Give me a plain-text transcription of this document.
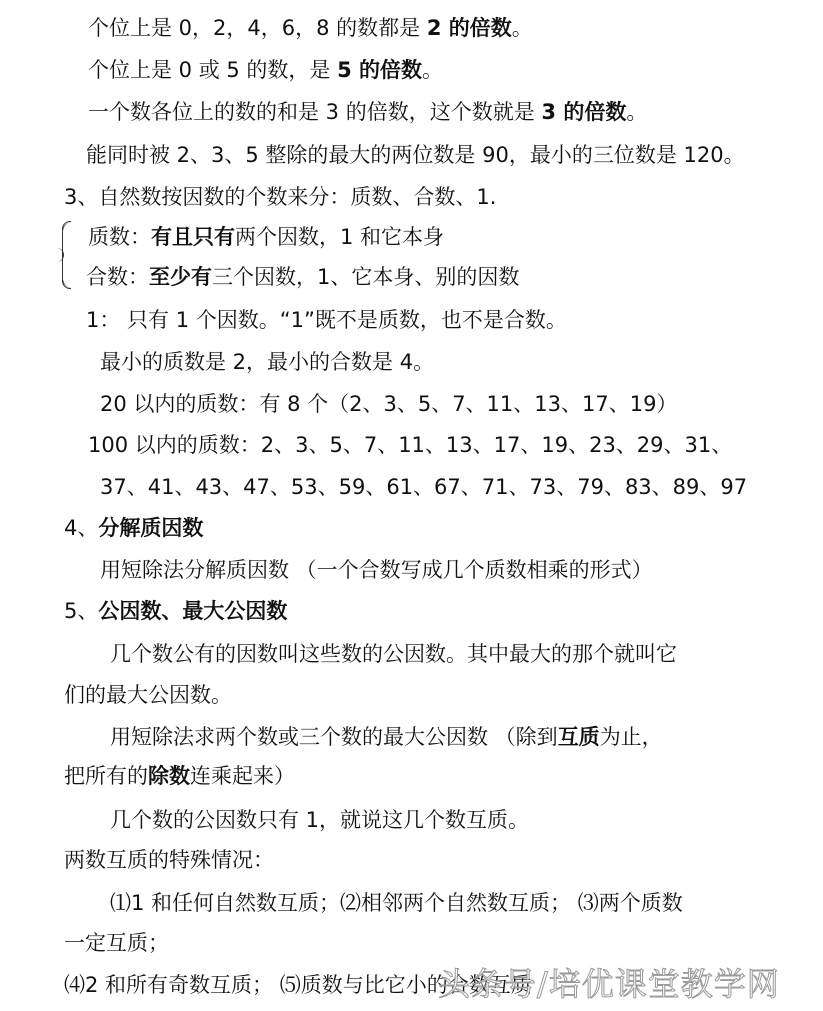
个位上是 0，2，4，6，8 的数都是 2 的倍数。
个位上是 0 或 5 的数，是 5 的倍数。
一个数各位上的数的和是 3 的倍数，这个数就是 3 的倍数。
能同时被 2、3、5 整除的最大的两位数是 90，最小的三位数是 120。
3、自然数按因数的个数来分：质数、合数、1.
质数：有且只有两个因数，1 和它本身
合数：至少有三个因数，1、它本身、别的因数
1： 只有 1 个因数。“1”既不是质数，也不是合数。
最小的质数是 2，最小的合数是 4。
20 以内的质数：有 8 个（2、3、5、7、11、13、17、19）
100 以内的质数：2、3、5、7、11、13、17、19、23、29、31、
37、41、43、47、53、59、61、67、71、73、79、83、89、97
4、分解质因数
用短除法分解质因数 （一个合数写成几个质数相乘的形式）
5、公因数、最大公因数
几个数公有的因数叫这些数的公因数。其中最大的那个就叫它
们的最大公因数。
用短除法求两个数或三个数的最大公因数 （除到互质为止，
把所有的除数连乘起来）
几个数的公因数只有 1，就说这几个数互质。
两数互质的特殊情况：
⑴1 和任何自然数互质；⑵相邻两个自然数互质； ⑶两个质数
一定互质；
⑷2 和所有奇数互质； ⑸质数与比它小的合数互质
头条号/培优课堂教学网
